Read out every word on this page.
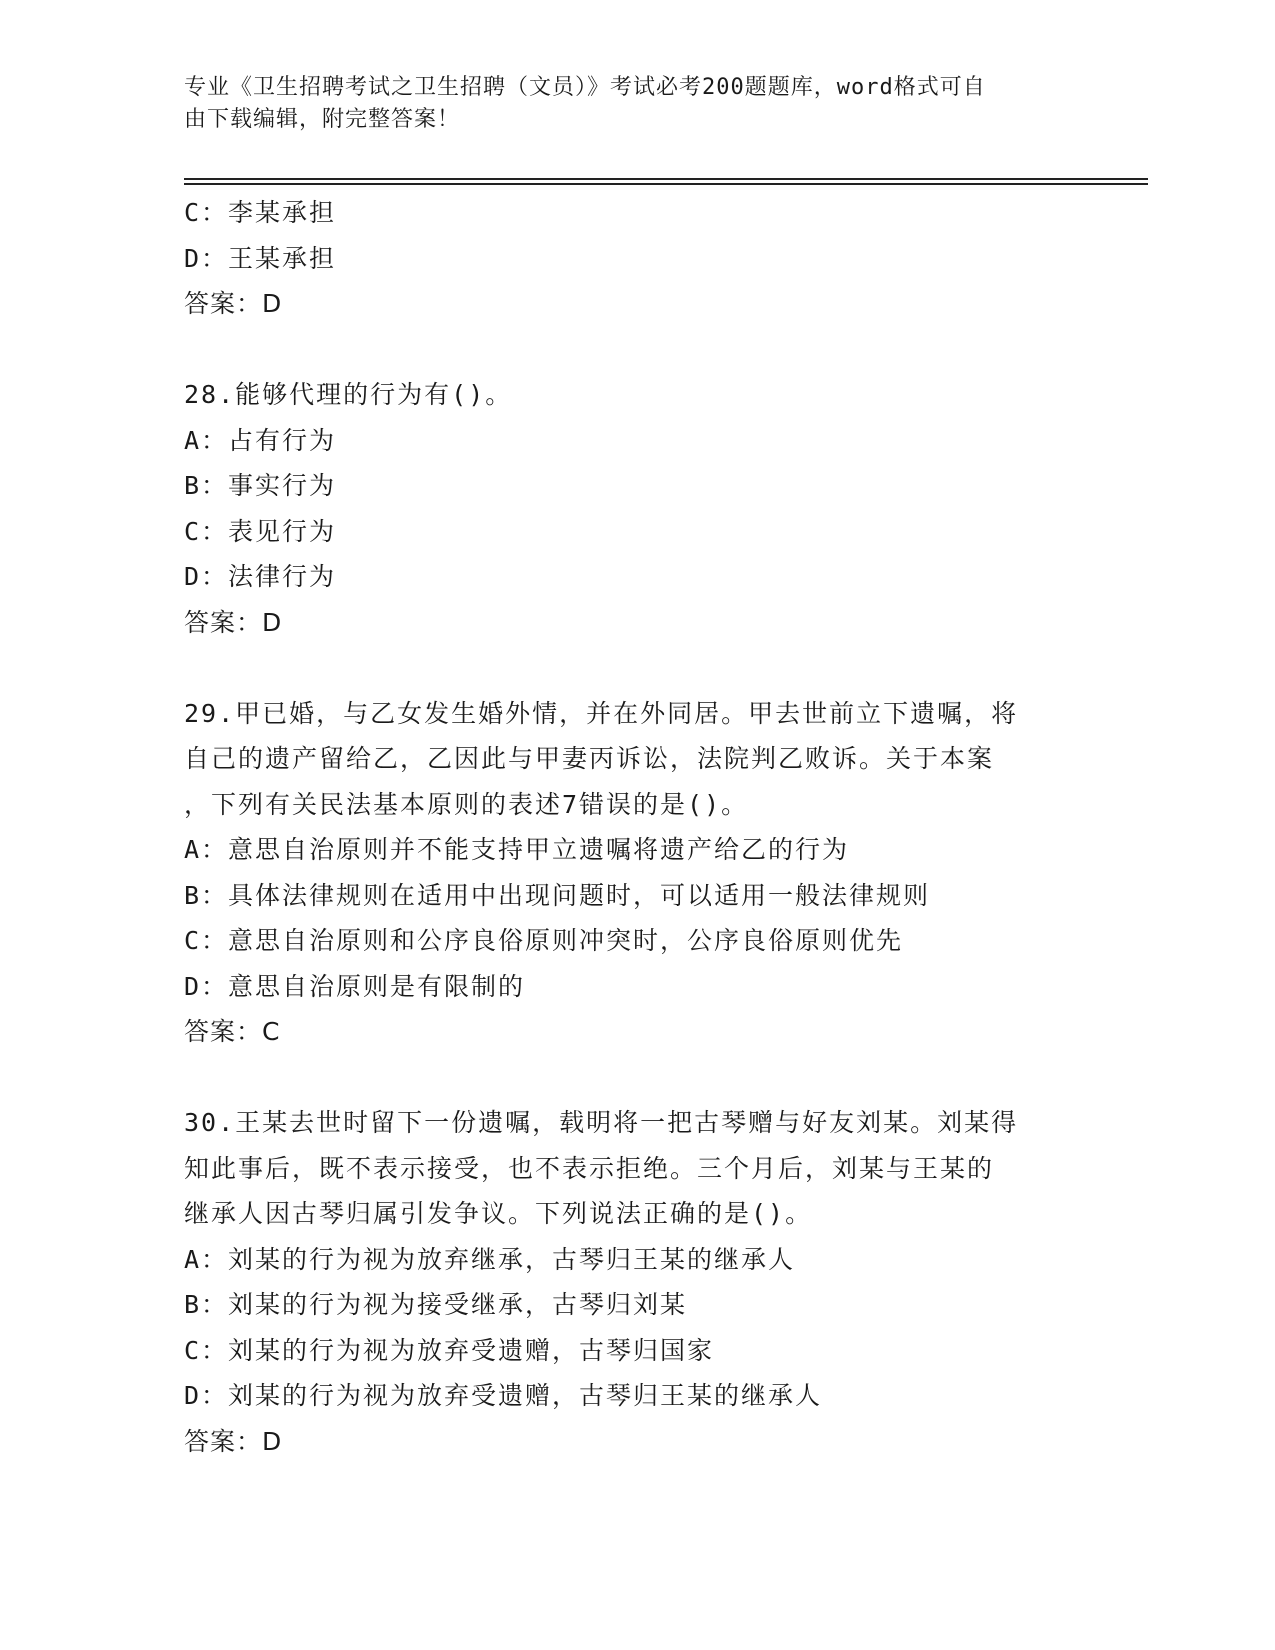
专业《卫生招聘考试之卫生招聘（文员）》考试必考200题题库，word格式可自
由下载编辑，附完整答案！
C：李某承担
D：王某承担
答案：D
28.能够代理的行为有()。
A：占有行为
B：事实行为
C：表见行为
D：法律行为
答案：D
29.甲已婚，与乙女发生婚外情，并在外同居。甲去世前立下遗嘱，将
自己的遗产留给乙，乙因此与甲妻丙诉讼，法院判乙败诉。关于本案
，下列有关民法基本原则的表述7错误的是()。
A：意思自治原则并不能支持甲立遗嘱将遗产给乙的行为
B：具体法律规则在适用中出现问题时，可以适用一般法律规则
C：意思自治原则和公序良俗原则冲突时，公序良俗原则优先
D：意思自治原则是有限制的
答案：C
30.王某去世时留下一份遗嘱，载明将一把古琴赠与好友刘某。刘某得
知此事后，既不表示接受，也不表示拒绝。三个月后，刘某与王某的
继承人因古琴归属引发争议。下列说法正确的是()。
A：刘某的行为视为放弃继承，古琴归王某的继承人
B：刘某的行为视为接受继承，古琴归刘某
C：刘某的行为视为放弃受遗赠，古琴归国家
D：刘某的行为视为放弃受遗赠，古琴归王某的继承人
答案：D
